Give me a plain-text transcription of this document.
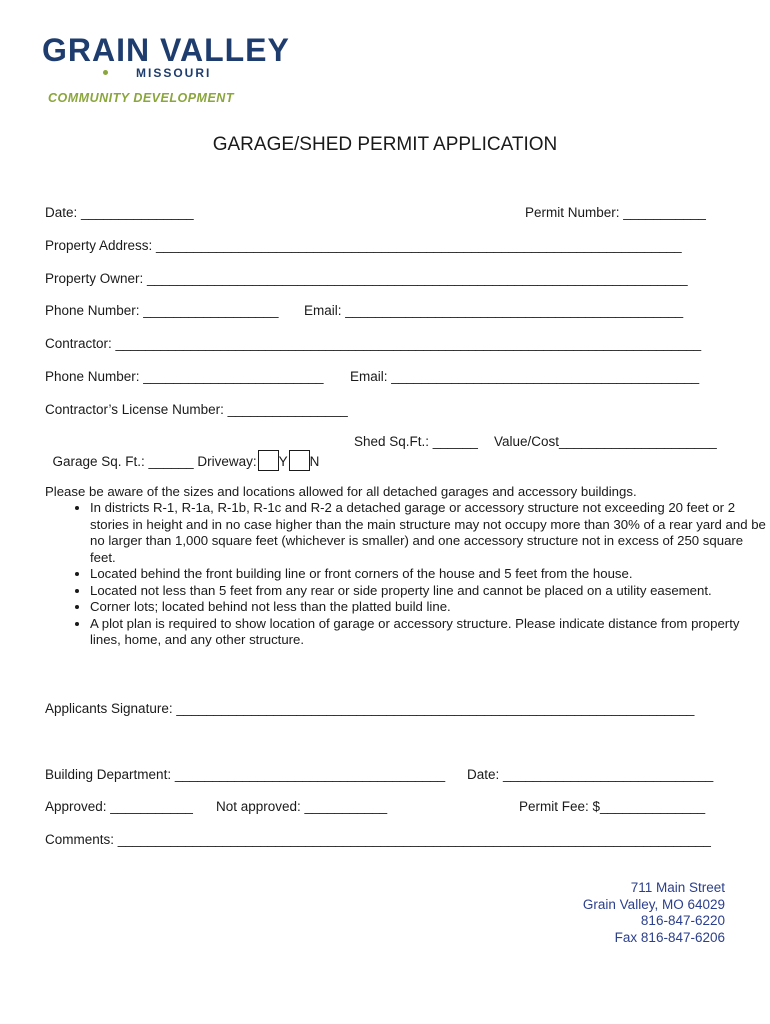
GRAIN VALLEY
MISSOURI
COMMUNITY DEVELOPMENT
GARAGE/SHED PERMIT APPLICATION
Date: _______________	Permit Number: ___________
Property Address: ______________________________________________________________________
Property Owner: ________________________________________________________________________
Phone Number: __________________ Email: _____________________________________________
Contractor: ______________________________________________________________________________
Phone Number: ________________________ Email: _________________________________________
Contractor’s License Number: ________________

Garage Sq. Ft.: ______ Driveway: Y N

Shed Sq.Ft.: ______ Value/Cost_____________________
Please be aware of the sizes and locations allowed for all detached garages and accessory buildings.
• In districts R-1, R-1a, R-1b, R-1c and R-2 a detached garage or accessory structure not exceeding 20 feet or 2 stories in height and in no case higher than the main structure may not occupy more than 30% of a rear yard and be no larger than 1,000 square feet (whichever is smaller) and one accessory structure not in excess of 250 square feet.
• Located behind the front building line or front corners of the house and 5 feet from the house.
• Located not less than 5 feet from any rear or side property line and cannot be placed on a utility easement.
• Corner lots; located behind not less than the platted build line.
• A plot plan is required to show location of garage or accessory structure. Please indicate distance from property lines, home, and any other structure.
Applicants Signature: _____________________________________________________________________
Building Department: ____________________________________ Date: ____________________________
Approved: ___________ Not approved: ___________	Permit Fee: $______________
Comments: _______________________________________________________________________________
711 Main Street
Grain Valley, MO 64029
816-847-6220
Fax 816-847-6206
